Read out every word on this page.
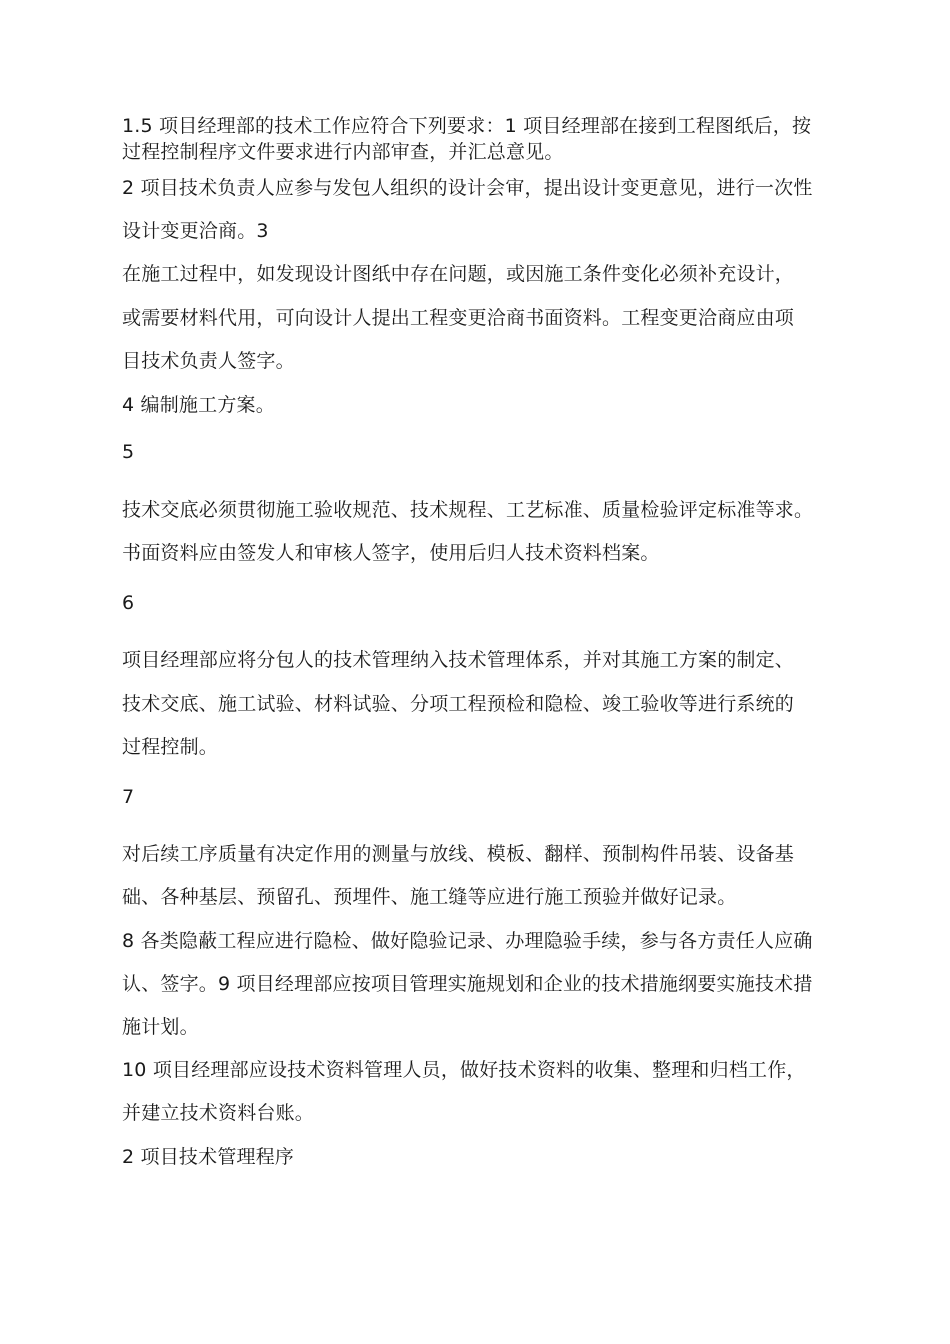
1.5 项目经理部的技术工作应符合下列要求：1 项目经理部在接到工程图纸后，按

过程控制程序文件要求进行内部审查，并汇总意见。

2 项目技术负责人应参与发包人组织的设计会审，提出设计变更意见，进行一次性

设计变更洽商。3

在施工过程中，如发现设计图纸中存在问题，或因施工条件变化必须补充设计，

或需要材料代用，可向设计人提出工程变更洽商书面资料。工程变更洽商应由项

目技术负责人签字。

4 编制施工方案。

5

技术交底必须贯彻施工验收规范、技术规程、工艺标准、质量检验评定标准等求。

书面资料应由签发人和审核人签字，使用后归人技术资料档案。

6

项目经理部应将分包人的技术管理纳入技术管理体系，并对其施工方案的制定、

技术交底、施工试验、材料试验、分项工程预检和隐检、竣工验收等进行系统的

过程控制。

7

对后续工序质量有决定作用的测量与放线、模板、翻样、预制构件吊装、设备基

础、各种基层、预留孔、预埋件、施工缝等应进行施工预验并做好记录。

8 各类隐蔽工程应进行隐检、做好隐验记录、办理隐验手续，参与各方责任人应确

认、签字。9 项目经理部应按项目管理实施规划和企业的技术措施纲要实施技术措

施计划。

10 项目经理部应设技术资料管理人员，做好技术资料的收集、整理和归档工作，

并建立技术资料台账。

2 项目技术管理程序
